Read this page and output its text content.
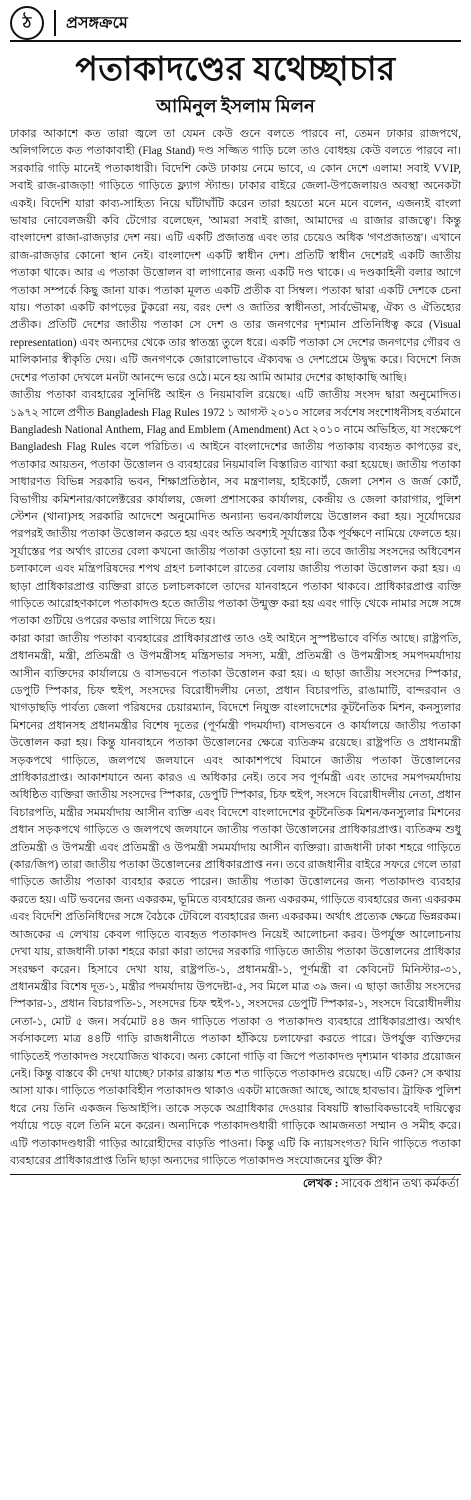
ঠ	প্রসঙ্গক্রমে
পতাকাদণ্ডের যথেচ্ছাচার
আমিনুল ইসলাম মিলন

ঢাকার আকাশে কত তারা জ্বলে তা যেমন কেউ গুনে বলতে পারবে না, তেমন ঢাকার রাজপথে, অলিগলিতে কত পতাকাবাহী (Flag Stand) দণ্ড সজ্জিত গাড়ি চলে তাও বোধহয় কেউ বলতে পারবে না। সরকারি গাড়ি মানেই পতাকাধারী। বিদেশি কেউ ঢাকায় নেমে ভাবে, এ কোন দেশে এলাম! সবাই VVIP, সবাই রাজ-রাজড়া! গাড়িতে গাড়িতে ফ্ল্যাগ স্ট্যান্ড। ঢাকার বাইরে জেলা-উপজেলায়ও অবস্থা অনেকটা একই। বিদেশি যারা কাব্য-সাহিত্য নিয়ে ঘাঁটাঘাঁটি করেন তারা হয়তো মনে মনে বলেন, এজন্যই বাংলা ভাষার নোবেলজয়ী কবি টেগোর বলেছেন, 'আমরা সবাই রাজা, আমাদের এ রাজার রাজত্বে'। কিন্তু বাংলাদেশ রাজা-রাজড়ার দেশ নয়। এটি একটি প্রজাতন্ত্র এবং তার চেয়েও অধিক 'গণপ্রজাতন্ত্র'। এখানে রাজ-রাজড়ার কোনো স্থান নেই। বাংলাদেশ একটি স্বাধীন দেশ। প্রতিটি স্বাধীন দেশেরই একটি জাতীয় পতাকা থাকে। আর এ পতাকা উত্তোলন বা লাগানোর জন্য একটি দণ্ড থাকে। এ দণ্ডকাহিনী বলার আগে পতাকা সম্পর্কে কিছু জানা যাক। পতাকা মূলত একটি প্রতীক বা সিম্বল। পতাকা দ্বারা একটি দেশকে চেনা যায়। পতাকা একটি কাপড়ের টুকরো নয়, বরং দেশ ও জাতির স্বাধীনতা, সার্বভৌমত্ব, ঐক্য ও ঐতিহ্যের প্রতীক। প্রতিটি দেশের জাতীয় পতাকা সে দেশ ও তার জনগণের দৃশ্যমান প্রতিনিধিত্ব করে (Visual representation) এবং অন্যদের থেকে তার স্বাতন্ত্র্য তুলে ধরে। একটি পতাকা সে দেশের জনগণের গৌরব ও মালিকানার স্বীকৃতি দেয়। এটি জনগণকে জোরালোভাবে ঐক্যবদ্ধ ও দেশপ্রেমে উদ্বুদ্ধ করে। বিদেশে নিজ দেশের পতাকা দেখলে মনটা আনন্দে ভরে ওঠে। মনে হয় আমি আমার দেশের কাছাকাছি আছি।

জাতীয় পতাকা ব্যবহারের সুনির্দিষ্ট আইন ও নিয়মাবলি রয়েছে। এটি জাতীয় সংসদ দ্বারা অনুমোদিত। ১৯৭২ সালে প্রণীত Bangladesh Flag Rules 1972 ১ আগস্ট ২০১০ সালের সর্বশেষ সংশোধনীসহ বর্তমানে Bangladesh National Anthem, Flag and Emblem (Amendment) Act ২০১০ নামে অভিহিত, যা সংক্ষেপে Bangladesh Flag Rules বলে পরিচিত। এ আইনে বাংলাদেশের জাতীয় পতাকায় ব্যবহৃত কাপড়ের রং, পতাকার আয়তন, পতাকা উত্তোলন ও ব্যবহারের নিয়মাবলি বিস্তারিত ব্যাখ্যা করা হয়েছে। জাতীয় পতাকা সাধারণত বিভিন্ন সরকারি ভবন, শিক্ষাপ্রতিষ্ঠান, সব মন্ত্রণালয়, হাইকোর্ট, জেলা সেশন ও জর্জ কোর্ট, বিভাগীয় কমিশনার/কালেক্টরের কার্যালয়, জেলা প্রশাসকের কার্যালয়, কেন্দ্রীয় ও জেলা কারাগার, পুলিশ স্টেশন (থানা)সহ সরকারি আদেশে অনুমোদিত অন্যান্য ভবন/কার্যালয়ে উত্তোলন করা হয়। সূর্যোদয়ের পরপরই জাতীয় পতাকা উত্তোলন করতে হয় এবং অতি অবশ্যই সূর্যাস্তের ঠিক পূর্বক্ষণে নামিয়ে ফেলতে হয়। সূর্যাস্তের পর অর্থাৎ রাতের বেলা কখনো জাতীয় পতাকা ওড়ানো হয় না। তবে জাতীয় সংসদের অধিবেশন চলাকালে এবং মন্ত্রিপরিষদের শপথ গ্রহণ চলাকালে রাতের বেলায় জাতীয় পতাকা উত্তোলন করা হয়। এ ছাড়া প্রাধিকারপ্রাপ্ত ব্যক্তিরা রাতে চলাচলকালে তাদের যানবাহনে পতাকা থাকবে। প্রাধিকারপ্রাপ্ত ব্যক্তি গাড়িতে আরোহণকালে পতাকাদণ্ড হতে জাতীয় পতাকা উন্মুক্ত করা হয় এবং গাড়ি থেকে নামার সঙ্গে সঙ্গে পতাকা গুটিয়ে ওপরের কভার লাগিয়ে দিতে হয়।

কারা কারা জাতীয় পতাকা ব্যবহারের প্রাধিকারপ্রাপ্ত তাও ওই আইনে সুস্পষ্টভাবে বর্ণিত আছে। রাষ্ট্রপতি, প্রধানমন্ত্রী, মন্ত্রী, প্রতিমন্ত্রী ও উপমন্ত্রীসহ মন্ত্রিসভার সদস্য, মন্ত্রী, প্রতিমন্ত্রী ও উপমন্ত্রীসহ সমপদমর্যাদায় আসীন ব্যক্তিদের কার্যালয়ে ও বাসভবনে পতাকা উত্তোলন করা হয়। এ ছাড়া জাতীয় সংসদের স্পিকার, ডেপুটি স্পিকার, চিফ হুইপ, সংসদের বিরোধীদলীয় নেতা, প্রধান বিচারপতি, রাঙামাটি, বান্দরবান ও খাগড়াছড়ি পার্বত্য জেলা পরিষদের চেয়ারম্যান, বিদেশে নিযুক্ত বাংলাদেশের কূটনৈতিক মিশন, কনস্যুলার মিশনের প্রধানসহ প্রধানমন্ত্রীর বিশেষ দূতের (পূর্ণমন্ত্রী পদমর্যাদা) বাসভবনে ও কার্যালয়ে জাতীয় পতাকা উত্তোলন করা হয়। কিন্তু যানবাহনে পতাকা উত্তোলনের ক্ষেত্রে ব্যতিক্রম রয়েছে। রাষ্ট্রপতি ও প্রধানমন্ত্রী সড়কপথে গাড়িতে, জলপথে জলযানে এবং আকাশপথে বিমানে জাতীয় পতাকা উত্তোলনের প্রাধিকারপ্রাপ্ত। আকাশযানে অন্য কারও এ অধিকার নেই। তবে সব পূর্ণমন্ত্রী এবং তাদের সমপদমর্যাদায় অধিষ্ঠিত ব্যক্তিরা জাতীয় সংসদের স্পিকার, ডেপুটি স্পিকার, চিফ হুইপ, সংসদে বিরোধীদলীয় নেতা, প্রধান বিচারপতি, মন্ত্রীর সমমর্যাদায় আসীন ব্যক্তি এবং বিদেশে বাংলাদেশের কূটনৈতিক মিশন/কনস্যুলার মিশনের প্রধান সড়কপথে গাড়িতে ও জলপথে জলযানে জাতীয় পতাকা উত্তোলনের প্রাধিকারপ্রাপ্ত। ব্যতিক্রম শুধু প্রতিমন্ত্রী ও উপমন্ত্রী এবং প্রতিমন্ত্রী ও উপমন্ত্রী সমমর্যাদায় আসীন ব্যক্তিরা। রাজধানী ঢাকা শহরে গাড়িতে (কার/জিপ) তারা জাতীয় পতাকা উত্তোলনের প্রাধিকারপ্রাপ্ত নন। তবে রাজধানীর বাইরে সফরে গেলে তারা গাড়িতে জাতীয় পতাকা ব্যবহার করতে পারেন। জাতীয় পতাকা উত্তোলনের জন্য পতাকাদণ্ড ব্যবহার করতে হয়। এটি ভবনের জন্য একরকম, ভূমিতে ব্যবহারের জন্য একরকম, গাড়িতে ব্যবহারের জন্য একরকম এবং বিদেশি প্রতিনিধিদের সঙ্গে বৈঠকে টেবিলে ব্যবহারের জন্য একরকম। অর্থাৎ প্রত্যেক ক্ষেত্রে ভিন্নরকম। আজকের এ লেখায় কেবল গাড়িতে ব্যবহৃত পতাকাদণ্ড নিয়েই আলোচনা করব। উপর্যুক্ত আলোচনায় দেখা যায়, রাজধানী ঢাকা শহরে কারা কারা তাদের সরকারি গাড়িতে জাতীয় পতাকা উত্তোলনের প্রাধিকার সংরক্ষণ করেন। হিসাবে দেখা যায়, রাষ্ট্রপতি-১, প্রধানমন্ত্রী-১, পূর্ণমন্ত্রী বা কেবিনেট মিনিস্টার-৩১, প্রধানমন্ত্রীর বিশেষ দূত-১, মন্ত্রীর পদমর্যাদায় উপদেষ্টা-৫, সব মিলে মাত্র ৩৯ জন। এ ছাড়া জাতীয় সংসদের স্পিকার-১, প্রধান বিচারপতি-১, সংসদের চিফ হুইপ-১, সংসদের ডেপুটি স্পিকার-১, সংসদে বিরোধীদলীয় নেতা-১, মোট ৫ জন। সর্বমোট ৪৪ জন গাড়িতে পতাকা ও পতাকাদণ্ড ব্যবহারে প্রাধিকারপ্রাপ্ত। অর্থাৎ সর্বসাকল্যে মাত্র ৪৪টি গাড়ি রাজধানীতে পতাকা হাঁকিয়ে চলাফেরা করতে পারে। উপর্যুক্ত ব্যক্তিদের গাড়িতেই পতাকাদণ্ড সংযোজিত থাকবে। অন্য কোনো গাড়ি বা জিপে পতাকাদণ্ড দৃশ্যমান থাকার প্রয়োজন নেই। কিন্তু বাস্তবে কী দেখা যাচ্ছে? ঢাকার রাস্তায় শত শত গাড়িতে পতাকাদণ্ড রয়েছে। এটি কেন? সে কথায় আসা যাক। গাড়িতে পতাকাবিহীন পতাকাদণ্ড থাকাও একটা মাজেজা আছে, আছে হাবভাব। ট্রাফিক পুলিশ ধরে নেয় তিনি একজন ভিআইপি। তাকে সড়কে অগ্রাধিকার দেওয়ার বিষয়টি স্বাভাবিকভাবেই দায়িত্বের পর্যায়ে পড়ে বলে তিনি মনে করেন। অন্যদিকে পতাকাদণ্ডধারী গাড়িকে আমজনতা সম্মান ও সমীহ করে। এটি পতাকাদণ্ডধারী গাড়ির আরোহীদের বাড়তি পাওনা। কিন্তু এটি কি ন্যায়সংগত? যিনি গাড়িতে পতাকা ব্যবহারের প্রাধিকারপ্রাপ্ত তিনি ছাড়া অন্যদের গাড়িতে পতাকাদণ্ড সংযোজনের যুক্তি কী?

লেখক : সাবেক প্রধান তথ্য কর্মকর্তা
